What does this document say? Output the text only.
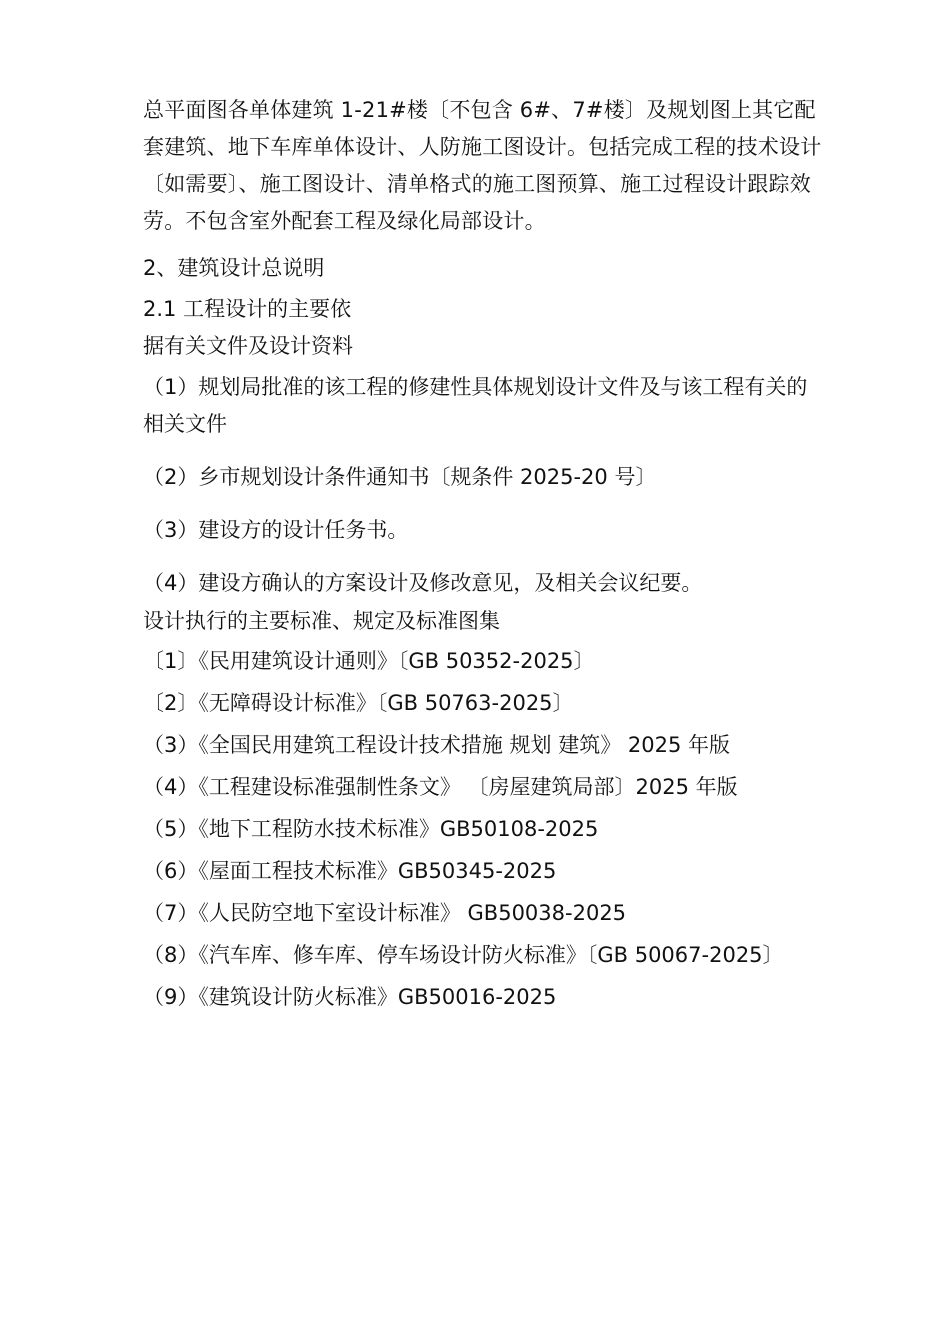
总平面图各单体建筑 1-21#楼〔不包含 6#、7#楼〕及规划图上其它配套建筑、地下车库单体设计、人防施工图设计。包括完成工程的技术设计〔如需要〕、施工图设计、清单格式的施工图预算、施工过程设计跟踪效劳。不包含室外配套工程及绿化局部设计。

2、建筑设计总说明

2.1 工程设计的主要依

据有关文件及设计资料

（1）规划局批准的该工程的修建性具体规划设计文件及与该工程有关的相关文件

（2）乡市规划设计条件通知书〔规条件 2025-20 号〕

（3）建设方的设计任务书。

（4）建设方确认的方案设计及修改意见，及相关会议纪要。

设计执行的主要标准、规定及标准图集

〔1〕《民用建筑设计通则》〔GB 50352-2025〕

〔2〕《无障碍设计标准》〔GB 50763-2025〕

（3）《全国民用建筑工程设计技术措施 规划 建筑》 2025 年版

（4）《工程建设标准强制性条文》 〔房屋建筑局部〕2025 年版

（5）《地下工程防水技术标准》GB50108-2025

（6）《屋面工程技术标准》GB50345-2025

（7）《人民防空地下室设计标准》 GB50038-2025

（8）《汽车库、修车库、停车场设计防火标准》〔GB 50067-2025〕

（9）《建筑设计防火标准》GB50016-2025
